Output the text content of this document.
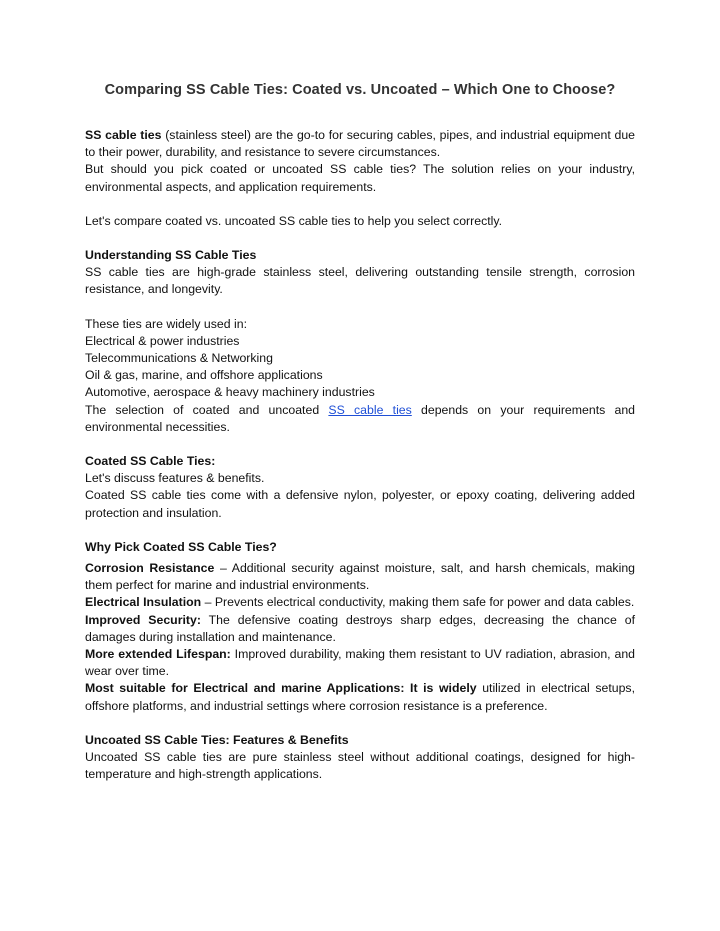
Comparing SS Cable Ties: Coated vs. Uncoated – Which One to Choose?

SS cable ties (stainless steel) are the go-to for securing cables, pipes, and industrial equipment due to their power, durability, and resistance to severe circumstances.

But should you pick coated or uncoated SS cable ties? The solution relies on your industry, environmental aspects, and application requirements.

Let's compare coated vs. uncoated SS cable ties to help you select correctly.

Understanding SS Cable Ties

SS cable ties are high-grade stainless steel, delivering outstanding tensile strength, corrosion resistance, and longevity.

These ties are widely used in:
Electrical & power industries
Telecommunications & Networking
Oil & gas, marine, and offshore applications
Automotive, aerospace & heavy machinery industries

The selection of coated and uncoated SS cable ties depends on your requirements and environmental necessities.

Coated SS Cable Ties:
Let's discuss features & benefits.

Coated SS cable ties come with a defensive nylon, polyester, or epoxy coating, delivering added protection and insulation.

Why Pick Coated SS Cable Ties?

Corrosion Resistance – Additional security against moisture, salt, and harsh chemicals, making them perfect for marine and industrial environments.

Electrical Insulation – Prevents electrical conductivity, making them safe for power and data cables.

Improved Security: The defensive coating destroys sharp edges, decreasing the chance of damages during installation and maintenance.

More extended Lifespan: Improved durability, making them resistant to UV radiation, abrasion, and wear over time.

Most suitable for Electrical and marine Applications: It is widely utilized in electrical setups, offshore platforms, and industrial settings where corrosion resistance is a preference.

Uncoated SS Cable Ties: Features & Benefits

Uncoated SS cable ties are pure stainless steel without additional coatings, designed for high-temperature and high-strength applications.
